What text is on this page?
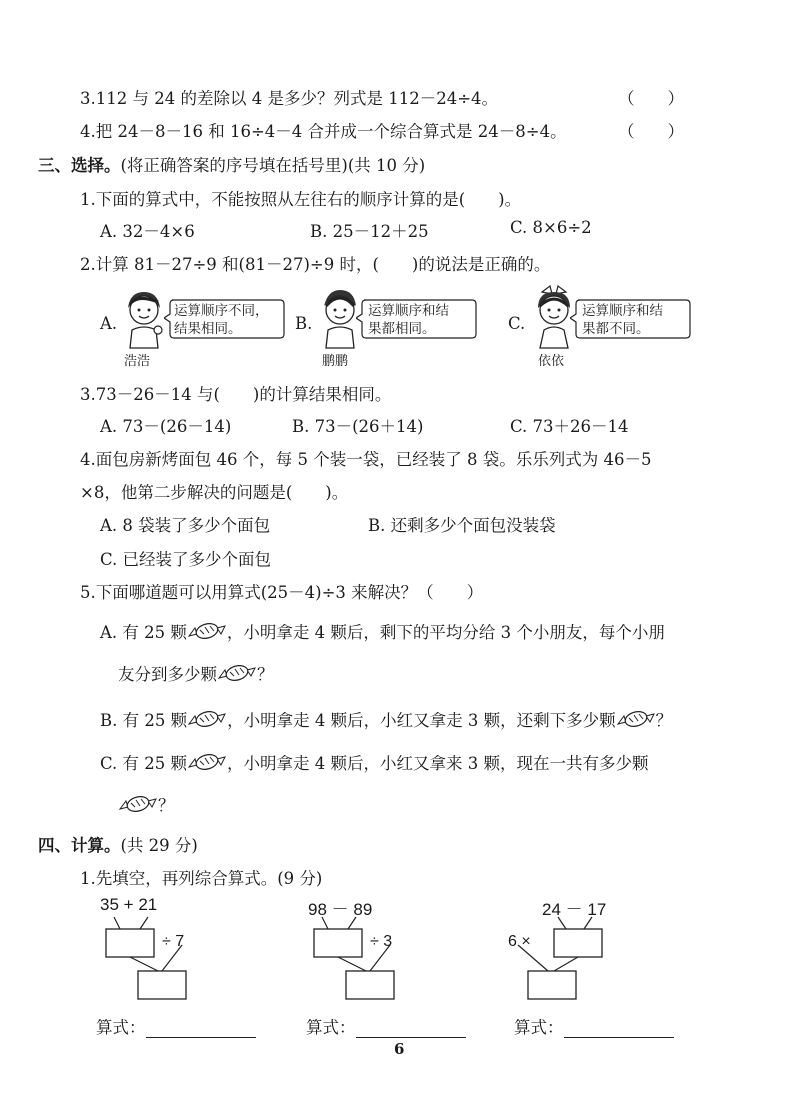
3.112 与 24 的差除以 4 是多少？列式是 112－24÷4。	（　　）
4.把 24－8－16 和 16÷4－4 合并成一个综合算式是 24－8÷4。	（　　）
三、选择。(将正确答案的序号填在括号里)(共 10 分)
1.下面的算式中，不能按照从左往右的顺序计算的是(　　)。
A. 32－4×6	B. 25－12＋25	C. 8×6÷2
2.计算 81－27÷9 和(81－27)÷9 时，(　　)的说法是正确的。
A.
运算顺序不同，
结果相同。
浩浩
B.
运算顺序和结
果都相同。
鹏鹏
C.
运算顺序和结
果都不同。
依依
3.73－26－14 与(　　)的计算结果相同。
A. 73－(26－14)	B. 73－(26＋14)	C. 73＋26－14
4.面包房新烤面包 46 个，每 5 个装一袋，已经装了 8 袋。乐乐列式为 46－5
×8，他第二步解决的问题是(　　)。
A. 8 袋装了多少个面包	B. 还剩多少个面包没装袋
C. 已经装了多少个面包
5.下面哪道题可以用算式(25－4)÷3 来解决？（　　）
A. 有 25 颗 ，小明拿走 4 颗后，剩下的平均分给 3 个小朋友，每个小朋
友分到多少颗 ？
B. 有 25 颗 ，小明拿走 4 颗后，小红又拿走 3 颗，还剩下多少颗 ？
C. 有 25 颗 ，小明拿走 4 颗后，小红又拿来 3 颗，现在一共有多少颗
？
四、计算。(共 29 分)
1.先填空，再列综合算式。(9 分)
35 + 21
÷ 7
98 － 89
÷ 3
24 － 17
6 ×
算式：	算式：	算式：
6
